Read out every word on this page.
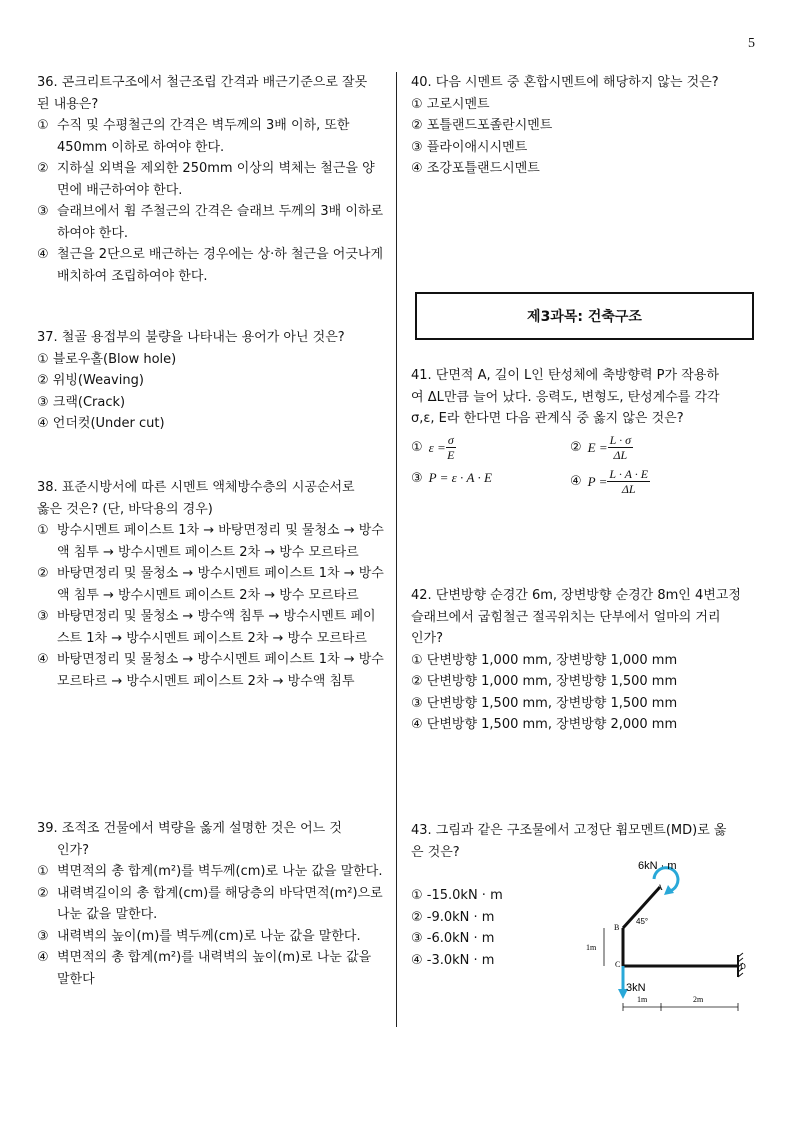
5
36. 콘크리트구조에서 철근조립 간격과 배근기준으로 잘못
된 내용은?
① 수직 및 수평철근의 간격은 벽두께의 3배 이하, 또한 450mm 이하로 하여야 한다.
② 지하실 외벽을 제외한 250mm 이상의 벽체는 철근을 양면에 배근하여야 한다.
③ 슬래브에서 휨 주철근의 간격은 슬래브 두께의 3배 이하로 하여야 한다.
④ 철근을 2단으로 배근하는 경우에는 상·하 철근을 어긋나게 배치하여 조립하여야 한다.
37. 철골 용접부의 불량을 나타내는 용어가 아닌 것은?
① 블로우홀(Blow hole)
② 위빙(Weaving)
③ 크랙(Crack)
④ 언더컷(Under cut)
38. 표준시방서에 따른 시멘트 액체방수층의 시공순서로
옳은 것은? (단, 바닥용의 경우)
① 방수시멘트 페이스트 1차 → 바탕면정리 및 물청소 → 방수액 침투 → 방수시멘트 페이스트 2차 → 방수 모르타르
② 바탕면정리 및 물청소 → 방수시멘트 페이스트 1차 → 방수액 침투 → 방수시멘트 페이스트 2차 → 방수 모르타르
③ 바탕면정리 및 물청소 → 방수액 침투 → 방수시멘트 페이스트 1차 → 방수시멘트 페이스트 2차 → 방수 모르타르
④ 바탕면정리 및 물청소 → 방수시멘트 페이스트 1차 → 방수 모르타르 → 방수시멘트 페이스트 2차 → 방수액 침투
39. 조적조 건물에서 벽량을 옳게 설명한 것은 어느 것
인가?
① 벽면적의 총 합계(m²)를 벽두께(cm)로 나눈 값을 말한다.
② 내력벽길이의 총 합계(cm)를 해당층의 바닥면적(m²)으로 나눈 값을 말한다.
③ 내력벽의 높이(m)를 벽두께(cm)로 나눈 값을 말한다.
④ 벽면적의 총 합계(m²)를 내력벽의 높이(m)로 나눈 값을 말한다
40. 다음 시멘트 중 혼합시멘트에 해당하지 않는 것은?
① 고로시멘트
② 포틀랜드포졸란시멘트
③ 플라이애시시멘트
④ 조강포틀랜드시멘트
제3과목: 건축구조
41. 단면적 A, 길이 L인 탄성체에 축방향력 P가 작용하
여 ΔL만큼 늘어 났다. 응력도, 변형도, 탄성계수를 각각
σ,ε, E라 한다면 다음 관계식 중 옳지 않은 것은?
① $\varepsilon = \frac{\sigma}{E}$	② $E = \frac{L \cdot \sigma}{\Delta L}$
③ P = ε · A · E	④ $P = \frac{L \cdot A \cdot E}{\Delta L}$
42. 단변방향 순경간 6m, 장변방향 순경간 8m인 4변고정
슬래브에서 굽힘철근 절곡위치는 단부에서 얼마의 거리
인가?
① 단변방향 1,000 mm, 장변방향 1,000 mm
② 단변방향 1,000 mm, 장변방향 1,500 mm
③ 단변방향 1,500 mm, 장변방향 1,500 mm
④ 단변방향 1,500 mm, 장변방향 2,000 mm
43. 그림과 같은 구조물에서 고정단 휨모멘트(MD)로 옳
은 것은?
① -15.0kN · m
② -9.0kN · m
③ -6.0kN · m
④ -3.0kN · m
6kN · m
3kN
A
B
C	D
45°
1m
1m	2m
